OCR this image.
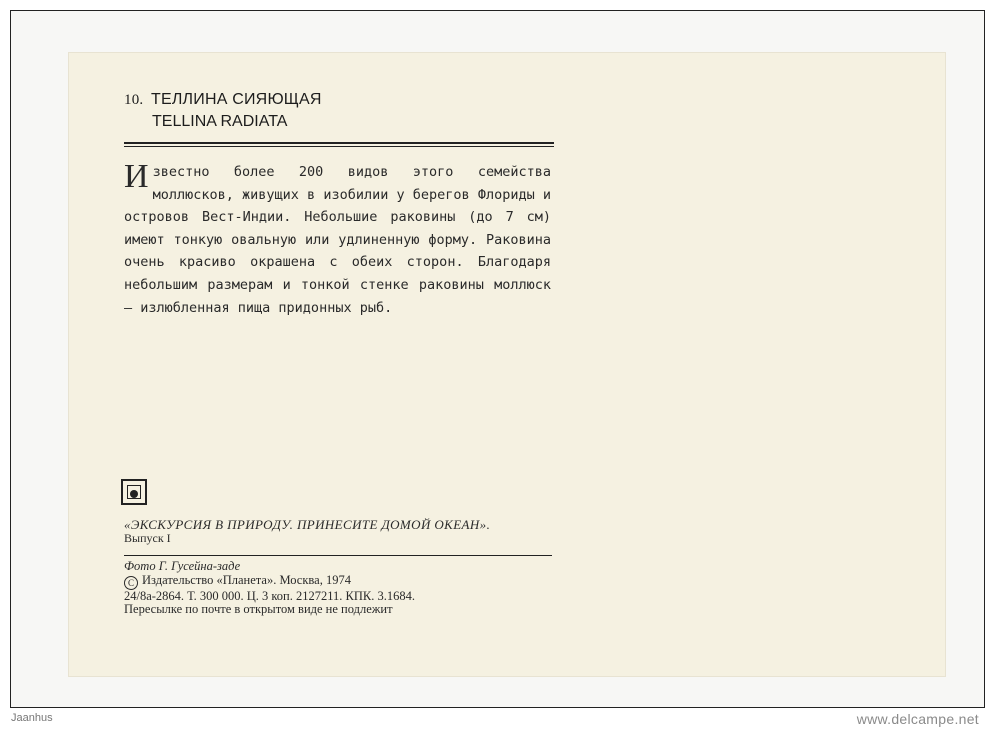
10. ТЕЛЛИНА СИЯЮЩАЯ
TELLINA RADIATA
Известно более 200 видов этого семейства моллюсков, живущих в изобилии у берегов Флориды и островов Вест-Индии. Небольшие раковины (до 7 см) имеют тонкую овальную или удлиненную форму. Раковина очень красиво окрашена с обеих сторон. Благодаря небольшим размерам и тонкой стенке раковины моллюск — излюбленная пища придонных рыб.
«ЭКСКУРСИЯ В ПРИРОДУ. ПРИНЕСИТЕ ДОМОЙ ОКЕАН».
Выпуск I
Фото Г. Гусейна-заде
C Издательство «Планета». Москва, 1974
24/8a-2864. Т. 300 000. Ц. 3 коп. 2127211. КПК. 3.1684.
Пересылке по почте в открытом виде не подлежит
Jaanhus	www.delcampe.net
